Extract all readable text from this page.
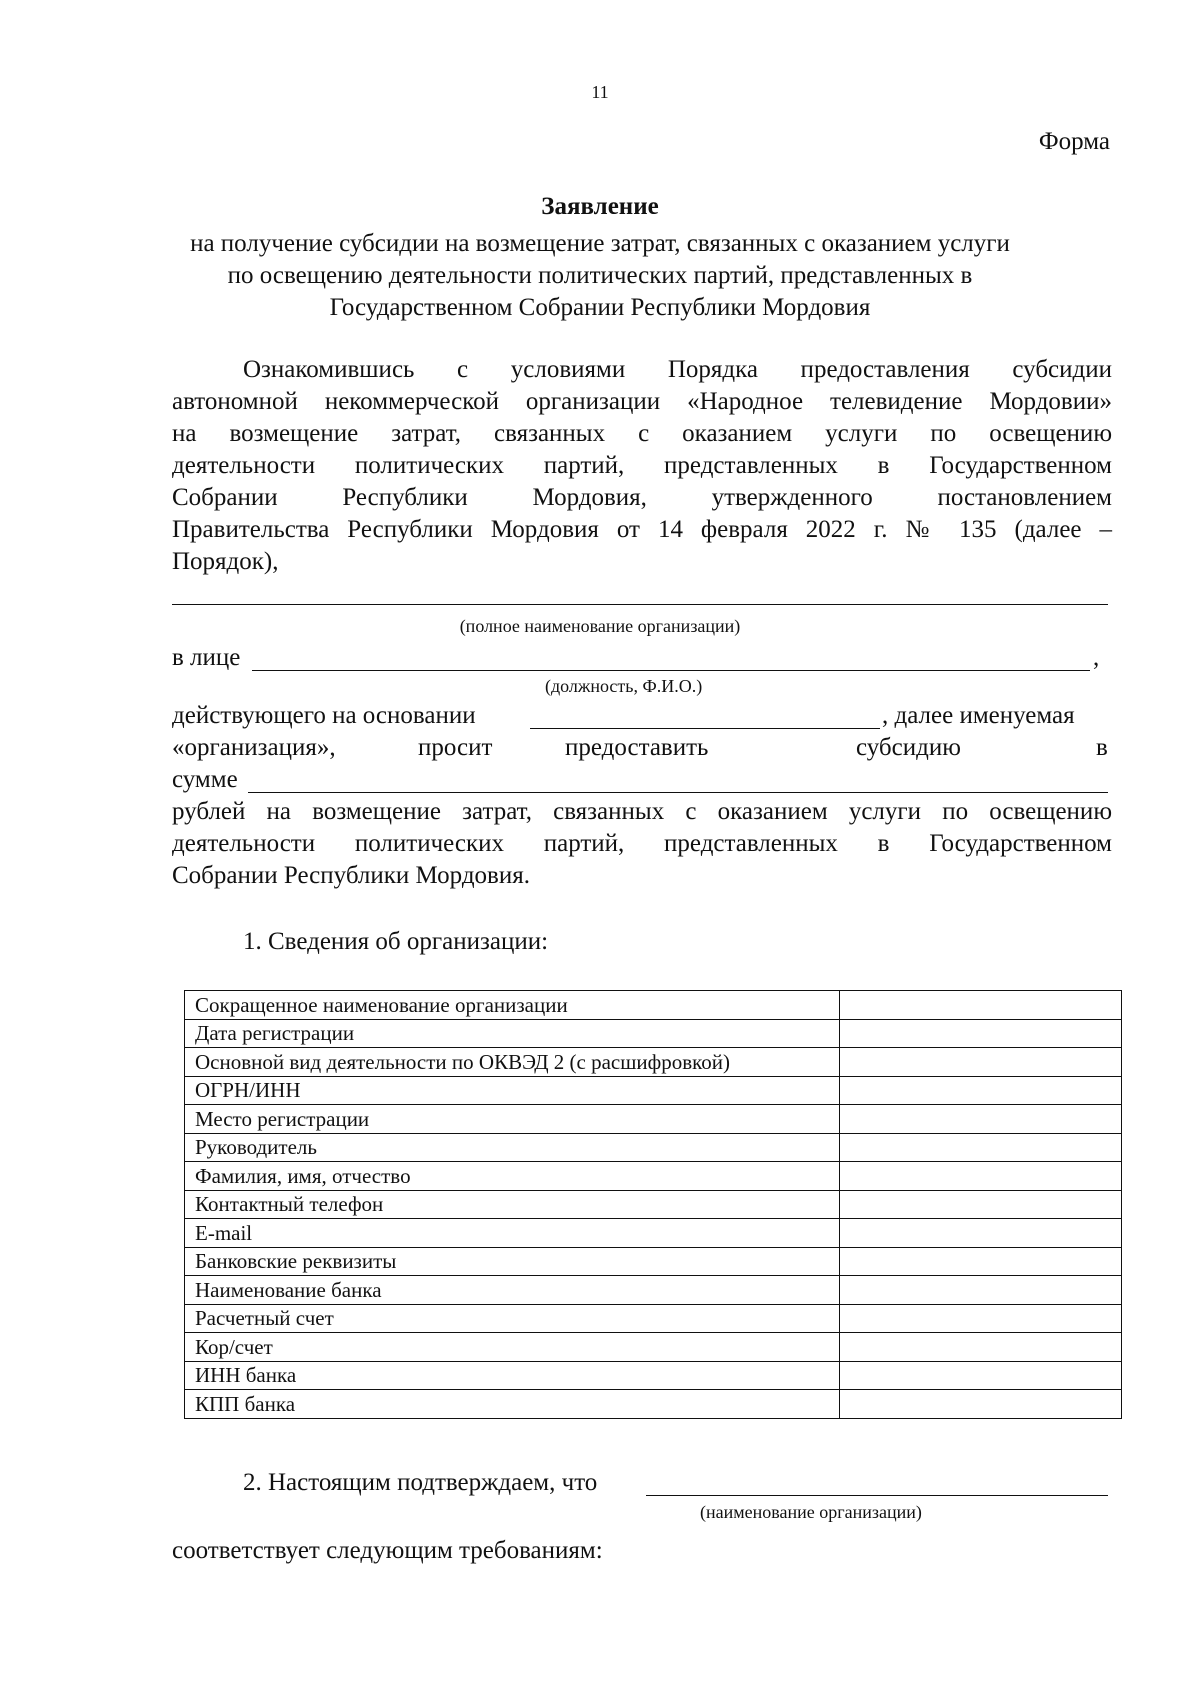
11
Форма
Заявление
на получение субсидии на возмещение затрат, связанных с оказанием услуги
по освещению деятельности политических партий, представленных в
Государственном Собрании Республики Мордовия
Ознакомившись с условиями Порядка предоставления субсидии
автономной некоммерческой организации «Народное телевидение Мордовии»
на возмещение затрат, связанных с оказанием услуги по освещению
деятельности политических партий, представленных в Государственном
Собрании Республики Мордовия, утвержденного постановлением
Правительства Республики Мордовия от 14 февраля 2022 г. № 135 (далее –
Порядок),
(полное наименование организации)
в лице	,
(должность, Ф.И.О.)
действующего на основании	, далее именуемая
«организация»,	просит	предоставить	субсидию	в
сумме
рублей на возмещение затрат, связанных с оказанием услуги по освещению
деятельности политических партий, представленных в Государственном
Собрании Республики Мордовия.
1. Сведения об организации:
Сокращенное наименование организации	
Дата регистрации	
Основной вид деятельности по ОКВЭД 2 (с расшифровкой)	
ОГРН/ИНН	
Место регистрации	
Руководитель	
Фамилия, имя, отчество	
Контактный телефон	
E-mail	
Банковские реквизиты	
Наименование банка	
Расчетный счет	
Кор/счет	
ИНН банка	
КПП банка	
2. Настоящим подтверждаем, что
(наименование организации)
соответствует следующим требованиям:
